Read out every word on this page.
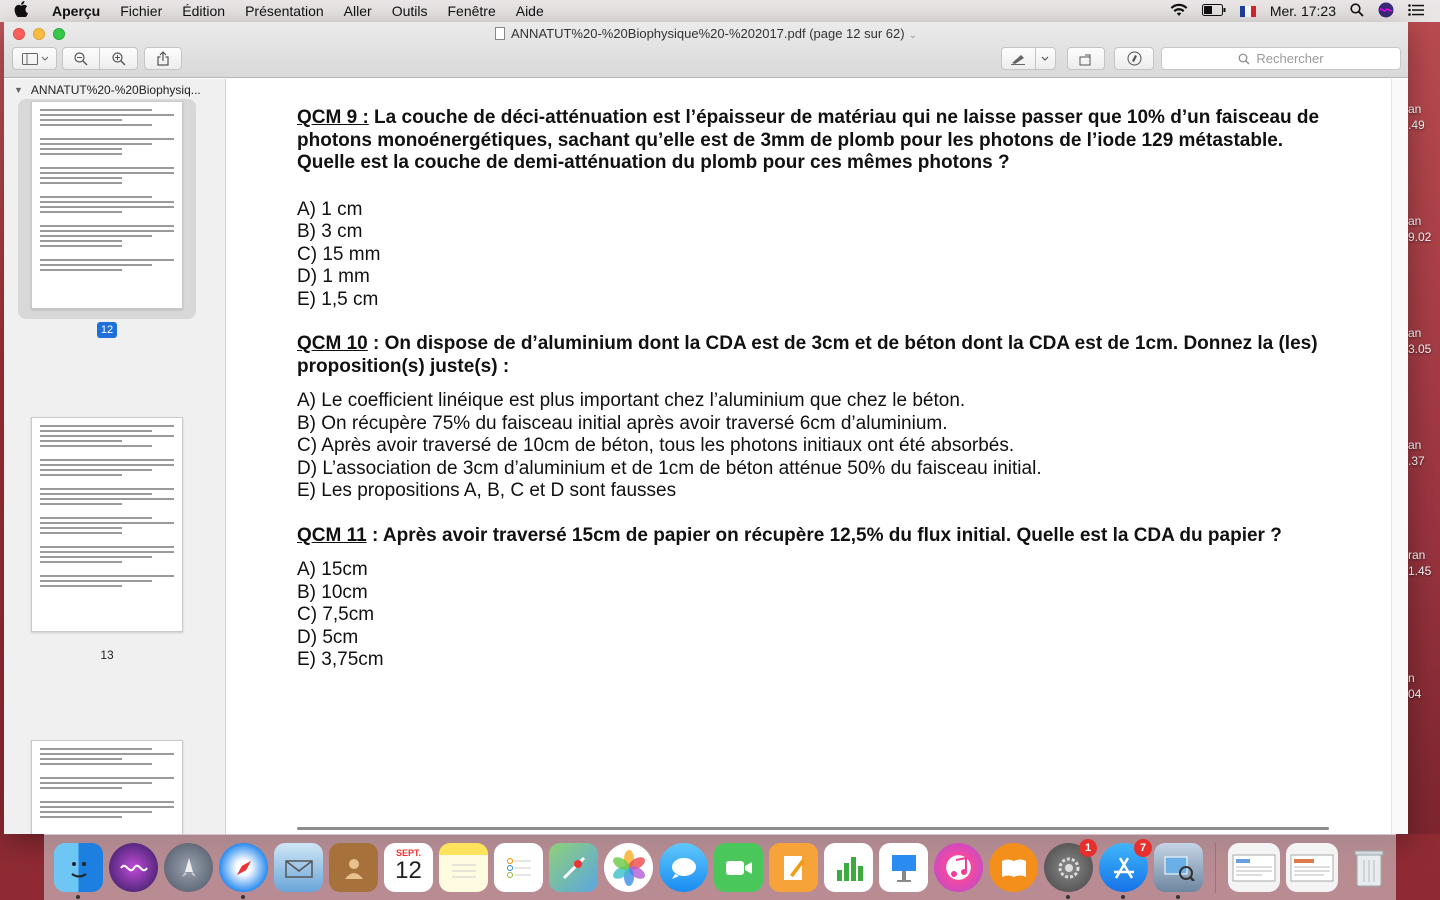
an
.49
an
9.02
an
3.05
an
.37
ran
1.45
n
04
Aperçu Fichier Édition Présentation Aller Outils Fenêtre Aide	Mer. 17:23
ANNATUT%20-%20Biophysique%20-%202017.pdf (page 12 sur 62) ⌄
Rechercher
▼ ANNATUT%20-%20Biophysiq...
12
13
QCM 9 : La couche de déci-atténuation est l’épaisseur de matériau qui ne laisse passer que 10% d’un faisceau de photons monoénergétiques, sachant qu’elle est de 3mm de plomb pour les photons de l’iode 129 métastable.
Quelle est la couche de demi-atténuation du plomb pour ces mêmes photons ?
A) 1 cm
B) 3 cm
C) 15 mm
D) 1 mm
E) 1,5 cm
QCM 10 : On dispose de d’aluminium dont la CDA est de 3cm et de béton dont la CDA est de 1cm. Donnez la (les) proposition(s) juste(s) :
A) Le coefficient linéique est plus important chez l’aluminium que chez le béton.
B) On récupère 75% du faisceau initial après avoir traversé 6cm d’aluminium.
C) Après avoir traversé de 10cm de béton, tous les photons initiaux ont été absorbés.
D) L’association de 3cm d’aluminium et de 1cm de béton atténue 50% du faisceau initial.
E) Les propositions A, B, C et D sont fausses
QCM 11 : Après avoir traversé 15cm de papier on récupère 12,5% du flux initial. Quelle est la CDA du papier ?
A) 15cm
B) 10cm
C) 7,5cm
D) 5cm
E) 3,75cm
SEPT.
12
1	7
